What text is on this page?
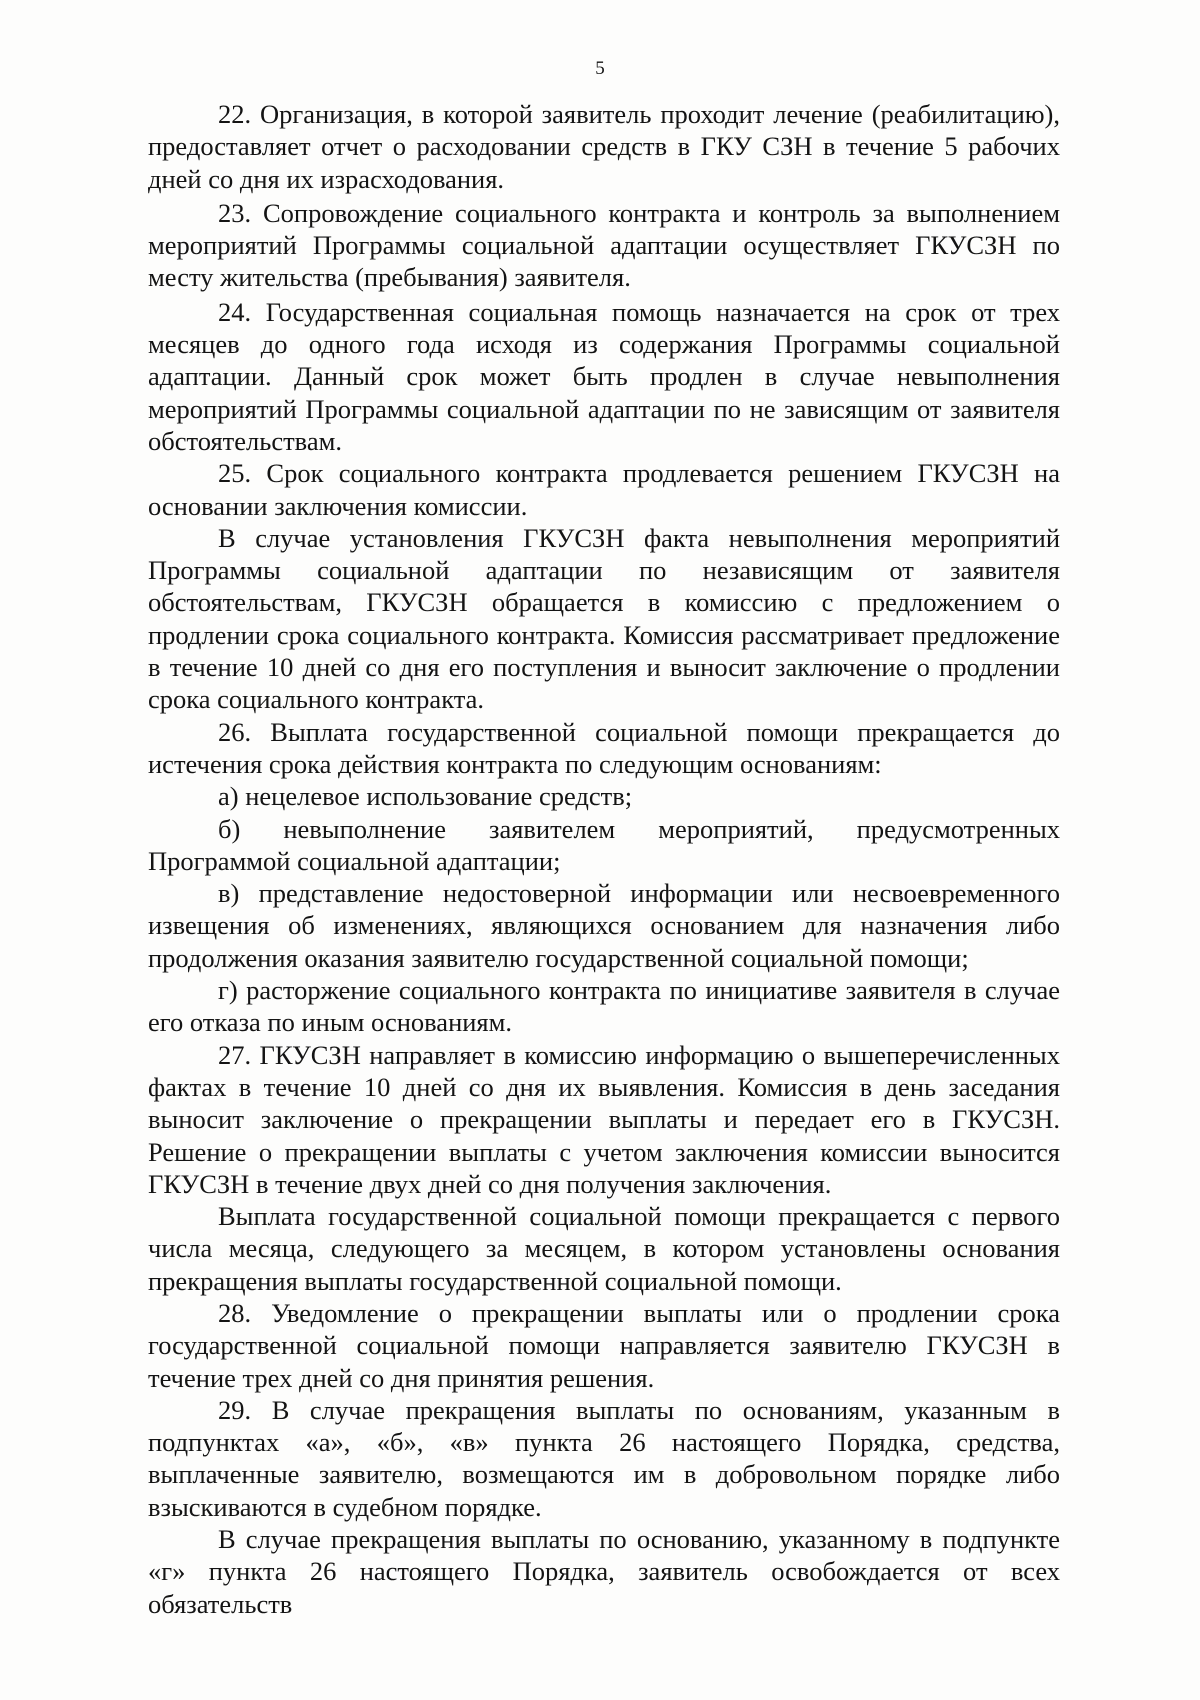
5

22. Организация, в которой заявитель проходит лечение (реабилитацию), предоставляет отчет о расходовании средств в ГКУ СЗН в течение 5 рабочих дней со дня их израсходования.

23. Сопровождение социального контракта и контроль за выполнением мероприятий Программы социальной адаптации осуществляет ГКУСЗН по месту жительства (пребывания) заявителя.

24. Государственная социальная помощь назначается на срок от трех месяцев до одного года исходя из содержания Программы социальной адаптации. Данный срок может быть продлен в случае невыполнения мероприятий Программы социальной адаптации по не зависящим от заявителя обстоятельствам.

25. Срок социального контракта продлевается решением ГКУСЗН на основании заключения комиссии.

В случае установления ГКУСЗН факта невыполнения мероприятий Программы социальной адаптации по независящим от заявителя обстоятельствам, ГКУСЗН обращается в комиссию с предложением о продлении срока социального контракта. Комиссия рассматривает предложение в течение 10 дней со дня его поступления и выносит заключение о продлении срока социального контракта.

26. Выплата государственной социальной помощи прекращается до истечения срока действия контракта по следующим основаниям:

а) нецелевое использование средств;

б) невыполнение заявителем мероприятий, предусмотренных Программой социальной адаптации;

в) представление недостоверной информации или несвоевременного извещения об изменениях, являющихся основанием для назначения либо продолжения оказания заявителю государственной социальной помощи;

г) расторжение социального контракта по инициативе заявителя в случае его отказа по иным основаниям.

27. ГКУСЗН направляет в комиссию информацию о вышеперечисленных фактах в течение 10 дней со дня их выявления. Комиссия в день заседания выносит заключение о прекращении выплаты и передает его в ГКУСЗН. Решение о прекращении выплаты с учетом заключения комиссии выносится ГКУСЗН в течение двух дней со дня получения заключения.

Выплата государственной социальной помощи прекращается с первого числа месяца, следующего за месяцем, в котором установлены основания прекращения выплаты государственной социальной помощи.

28. Уведомление о прекращении выплаты или о продлении срока государственной социальной помощи направляется заявителю ГКУСЗН в течение трех дней со дня принятия решения.

29. В случае прекращения выплаты по основаниям, указанным в подпунктах «а», «б», «в» пункта 26 настоящего Порядка, средства, выплаченные заявителю, возмещаются им в добровольном порядке либо взыскиваются в судебном порядке.

В случае прекращения выплаты по основанию, указанному в подпункте «г» пункта 26 настоящего Порядка, заявитель освобождается от всех обязательств
